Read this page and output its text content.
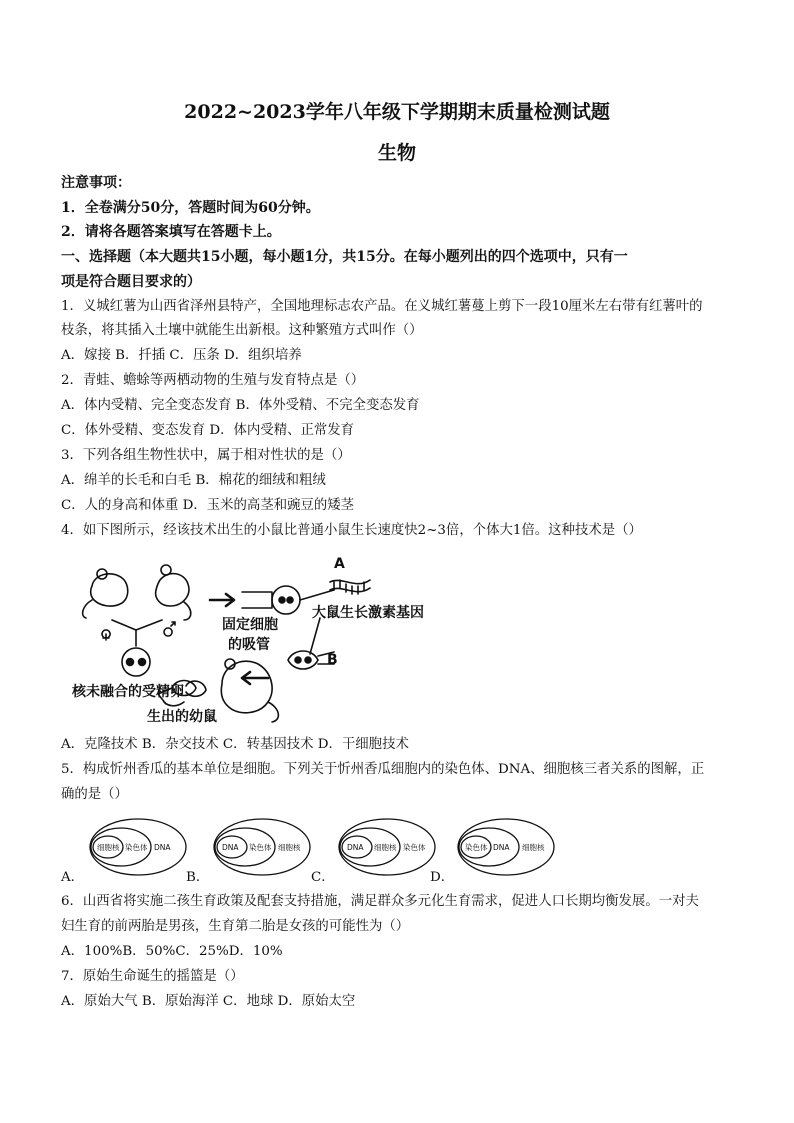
2022~2023学年八年级下学期期末质量检测试题
生物
注意事项：
1．全卷满分50分，答题时间为60分钟。
2．请将各题答案填写在答题卡上。
一、选择题（本大题共15小题，每小题1分，共15分。在每小题列出的四个选项中，只有一
项是符合题目要求的）
1．义城红薯为山西省泽州县特产，全国地理标志农产品。在义城红薯蔓上剪下一段10厘米左右带有红薯叶的
枝条，将其插入土壤中就能生出新根。这种繁殖方式叫作（）
A．嫁接 B．扦插 C．压条 D．组织培养
2．青蛙、蟾蜍等两栖动物的生殖与发育特点是（）
A．体内受精、完全变态发育 B．体外受精、不完全变态发育
C．体外受精、变态发育 D．体内受精、正常发育
3．下列各组生物性状中，属于相对性状的是（）
A．绵羊的长毛和白毛 B．棉花的细绒和粗绒
C．人的身高和体重 D．玉米的高茎和豌豆的矮茎
4．如下图所示，经该技术出生的小鼠比普通小鼠生长速度快2~3倍，个体大1倍。这种技术是（）
A
大鼠生长激素基因
固定细胞
的吸管
B
核未融合的受精卵
生出的幼鼠
A．克隆技术 B．杂交技术 C．转基因技术 D．干细胞技术
5．构成忻州香瓜的基本单位是细胞。下列关于忻州香瓜细胞内的染色体、DNA、细胞核三者关系的图解，正
确的是（）
A．
细胞核 染色体 DNA
B．
DNA 染色体 细胞核
C．
DNA 细胞核 染色体
D．
染色体 DNA 细胞核
6．山西省将实施二孩生育政策及配套支持措施，满足群众多元化生育需求，促进人口长期均衡发展。一对夫
妇生育的前两胎是男孩，生育第二胎是女孩的可能性为（）
A．100%B．50%C．25%D．10%
7．原始生命诞生的摇篮是（）
A．原始大气 B．原始海洋 C．地球 D．原始太空
